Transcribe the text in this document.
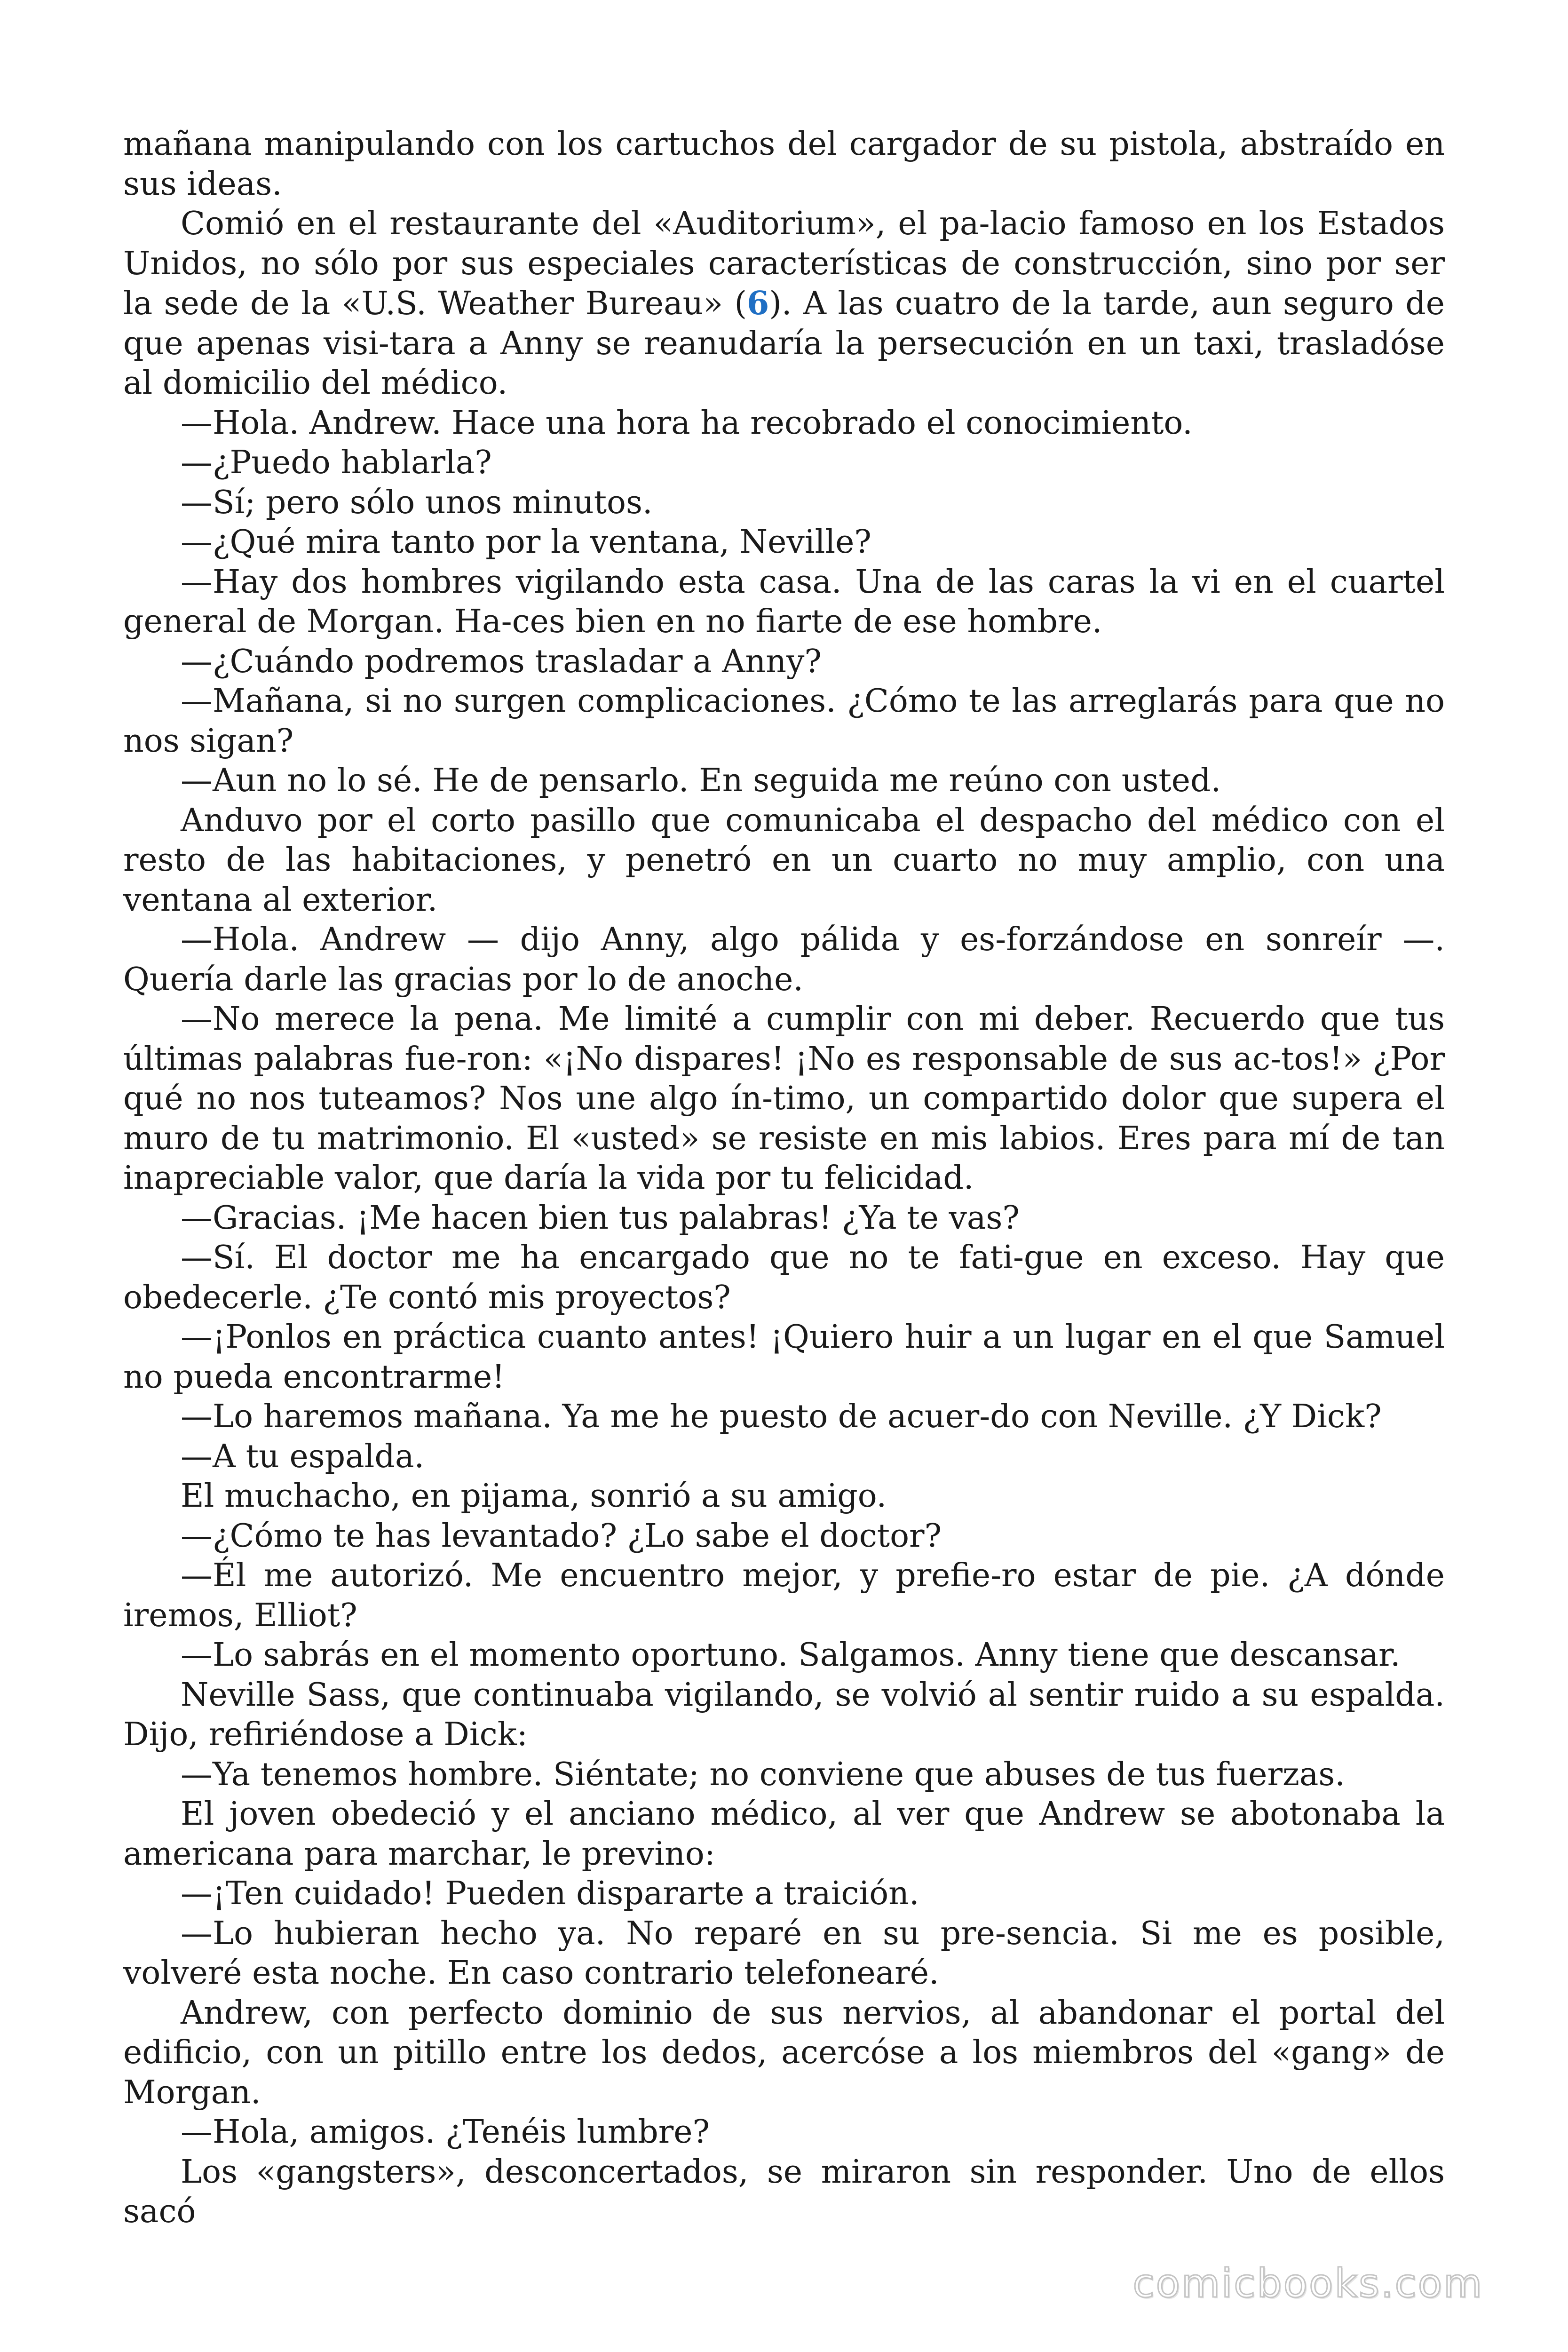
mañana manipulando con los cartuchos del cargador de su pistola, abstraído en sus ideas.

Comió en el restaurante del «Auditorium», el pa-lacio famoso en los Estados Unidos, no sólo por sus especiales características de construcción, sino por ser la sede de la «U.S. Weather Bureau» (6). A las cuatro de la tarde, aun seguro de que apenas visi-tara a Anny se reanudaría la persecución en un taxi, trasladóse al domicilio del médico.

—Hola. Andrew. Hace una hora ha recobrado el conocimiento.

—¿Puedo hablarla?

—Sí; pero sólo unos minutos.

—¿Qué mira tanto por la ventana, Neville?

—Hay dos hombres vigilando esta casa. Una de las caras la vi en el cuartel general de Morgan. Ha-ces bien en no fiarte de ese hombre.

—¿Cuándo podremos trasladar a Anny?

—Mañana, si no surgen complicaciones. ¿Cómo te las arreglarás para que no nos sigan?

—Aun no lo sé. He de pensarlo. En seguida me reúno con usted.

Anduvo por el corto pasillo que comunicaba el despacho del médico con el resto de las habitaciones, y penetró en un cuarto no muy amplio, con una ventana al exterior.

—Hola. Andrew — dijo Anny, algo pálida y es-forzándose en sonreír —. Quería darle las gracias por lo de anoche.

—No merece la pena. Me limité a cumplir con mi deber. Recuerdo que tus últimas palabras fue-ron: «¡No dispares! ¡No es responsable de sus ac-tos!» ¿Por qué no nos tuteamos? Nos une algo ín-timo, un compartido dolor que supera el muro de tu matrimonio. El «usted» se resiste en mis labios. Eres para mí de tan inapreciable valor, que daría la vida por tu felicidad.

—Gracias. ¡Me hacen bien tus palabras! ¿Ya te vas?

—Sí. El doctor me ha encargado que no te fati-gue en exceso. Hay que obedecerle. ¿Te contó mis proyectos?

—¡Ponlos en práctica cuanto antes! ¡Quiero huir a un lugar en el que Samuel no pueda encontrarme!

—Lo haremos mañana. Ya me he puesto de acuer-do con Neville. ¿Y Dick?

—A tu espalda.

El muchacho, en pijama, sonrió a su amigo.

—¿Cómo te has levantado? ¿Lo sabe el doctor?

—Él me autorizó. Me encuentro mejor, y prefie-ro estar de pie. ¿A dónde iremos, Elliot?

—Lo sabrás en el momento oportuno. Salgamos. Anny tiene que descansar.

Neville Sass, que continuaba vigilando, se volvió al sentir ruido a su espalda. Dijo, refiriéndose a Dick:

—Ya tenemos hombre. Siéntate; no conviene que abuses de tus fuerzas.

El joven obedeció y el anciano médico, al ver que Andrew se abotonaba la americana para marchar, le previno:

—¡Ten cuidado! Pueden dispararte a traición.

—Lo hubieran hecho ya. No reparé en su pre-sencia. Si me es posible, volveré esta noche. En caso contrario telefonearé.

Andrew, con perfecto dominio de sus nervios, al abandonar el portal del edificio, con un pitillo entre los dedos, acercóse a los miembros del «gang» de Morgan.

—Hola, amigos. ¿Tenéis lumbre?

Los «gangsters», desconcertados, se miraron sin responder. Uno de ellos sacó

comicbooks.com
